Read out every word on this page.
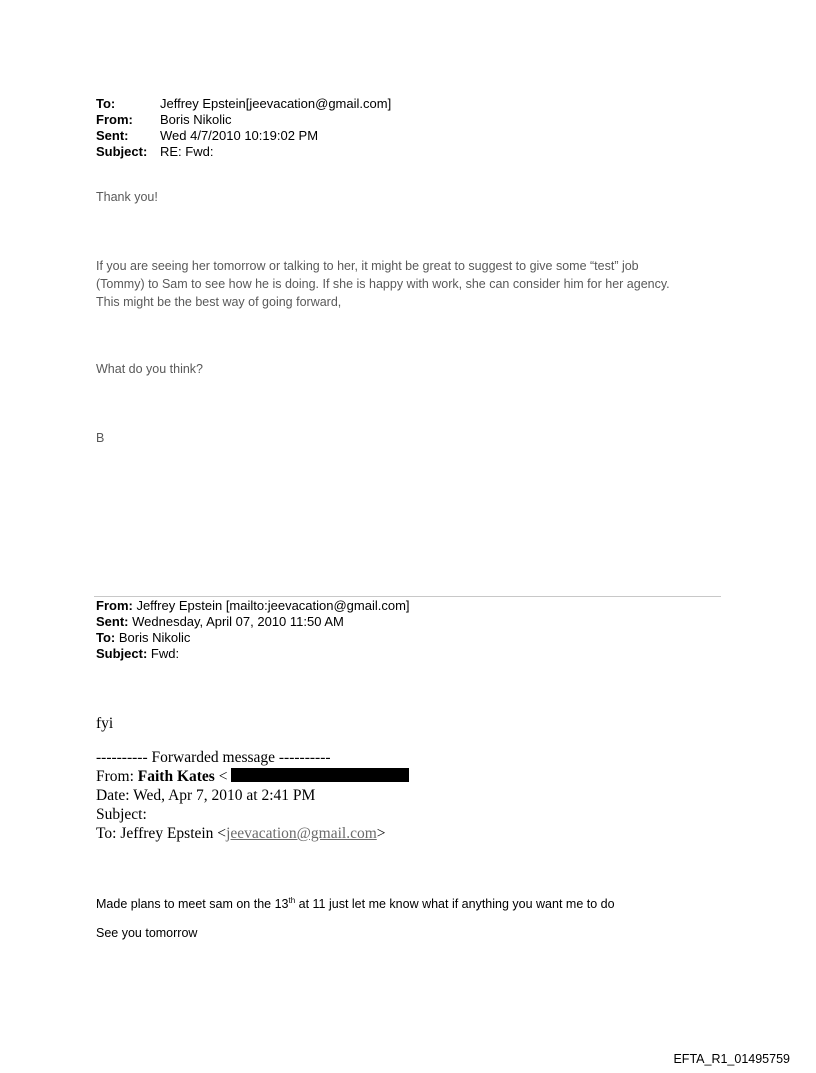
To:	Jeffrey Epstein[jeevacation@gmail.com]
From:	Boris Nikolic
Sent:	Wed 4/7/2010 10:19:02 PM
Subject: RE: Fwd:
Thank you!
If you are seeing her tomorrow or talking to her, it might be great to suggest to give some “test” job
(Tommy) to Sam to see how he is doing. If she is happy with work, she can consider him for her agency.
This might be the best way of going forward,
What do you think?
B
From: Jeffrey Epstein [mailto:jeevacation@gmail.com]
Sent: Wednesday, April 07, 2010 11:50 AM
To: Boris Nikolic
Subject: Fwd:
fyi
---------- Forwarded message ----------
From: Faith Kates <
Date: Wed, Apr 7, 2010 at 2:41 PM
Subject:
To: Jeffrey Epstein <jeevacation@gmail.com>
Made plans to meet sam on the 13th at 11 just let me know what if anything you want me to do
See you tomorrow
EFTA_R1_01495759
